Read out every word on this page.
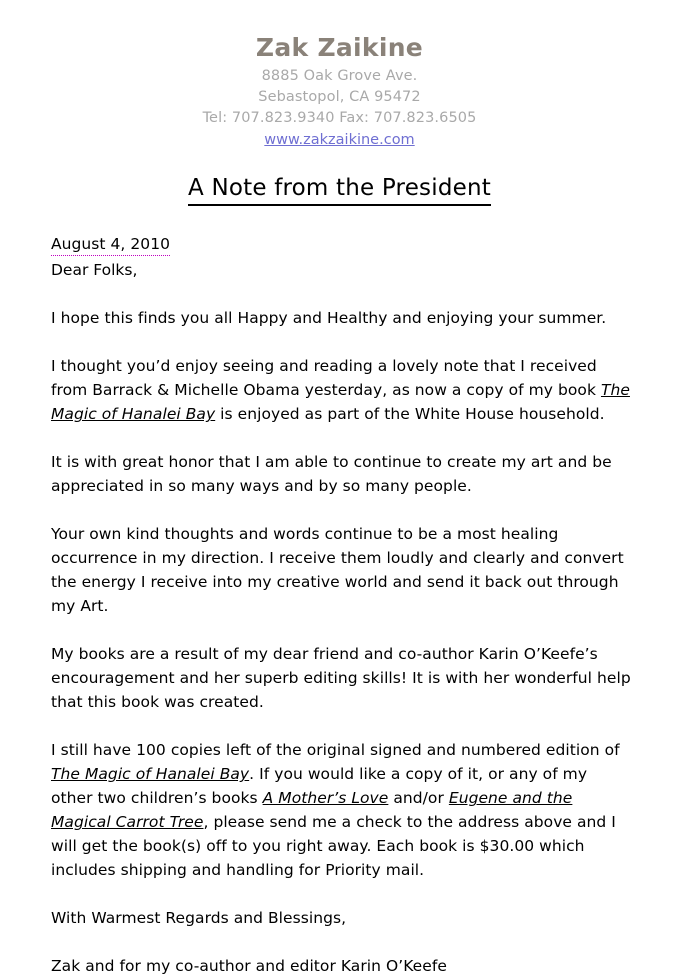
Zak Zaikine
8885 Oak Grove Ave.
Sebastopol, CA 95472
Tel: 707.823.9340 Fax: 707.823.6505
www.zakzaikine.com
A Note from the President
August 4, 2010

Dear Folks,

I hope this finds you all Happy and Healthy and enjoying your summer.

I thought you’d enjoy seeing and reading a lovely note that I received from Barrack & Michelle Obama yesterday, as now a copy of my book The Magic of Hanalei Bay is enjoyed as part of the White House household.

It is with great honor that I am able to continue to create my art and be appreciated in so many ways and by so many people.

Your own kind thoughts and words continue to be a most healing occurrence in my direction. I receive them loudly and clearly and convert the energy I receive into my creative world and send it back out through my Art.

My books are a result of my dear friend and co-author Karin O’Keefe’s encouragement and her superb editing skills! It is with her wonderful help that this book was created.

I still have 100 copies left of the original signed and numbered edition of The Magic of Hanalei Bay. If you would like a copy of it, or any of my other two children’s books A Mother’s Love and/or Eugene and the Magical Carrot Tree, please send me a check to the address above and I will get the book(s) off to you right away. Each book is $30.00 which includes shipping and handling for Priority mail.

With Warmest Regards and Blessings,

Zak and for my co-author and editor Karin O’Keefe
